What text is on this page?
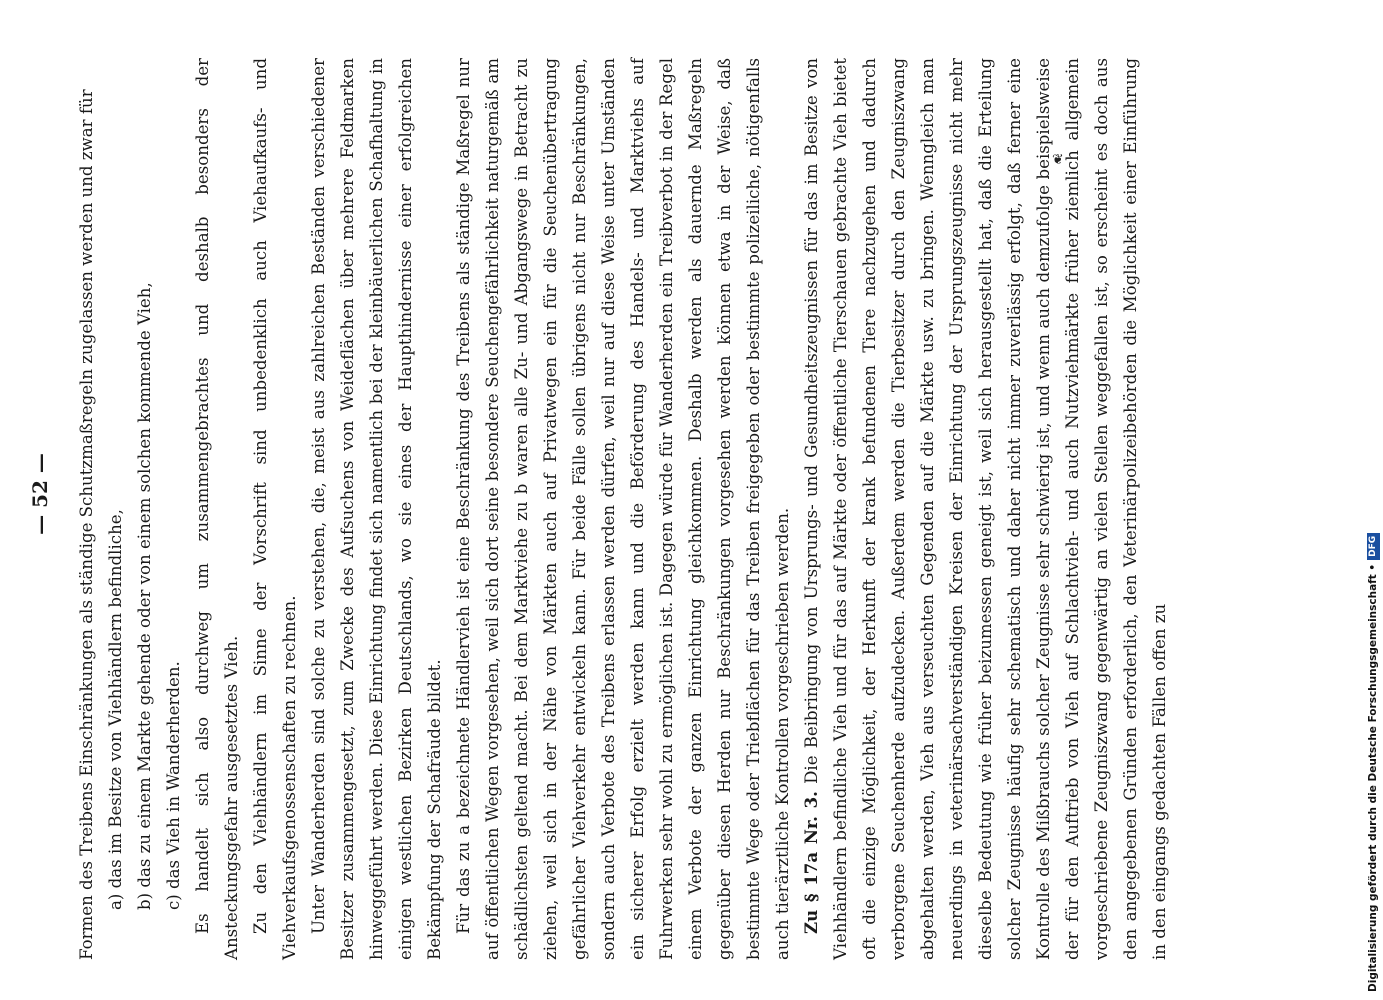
— 52 —	Formen des Treibens Einschränkungen als ständige Schutzmaßregeln zugelassen werden und zwar für a) das im Besitze von Viehhändlern befindliche, b) das zu einem Markte gehende oder von einem solchen kommende Vieh, c) das Vieh in Wanderherden. Es handelt sich also durchweg um zusammengebrachtes und deshalb besonders der Ansteckungsgefahr ausgesetztes Vieh. Zu den Viehhändlern im Sinne der Vorschrift sind unbedenklich auch Viehaufkaufs- und Viehverkaufsgenossenschaften zu rechnen. Unter Wanderherden sind solche zu verstehen, die, meist aus zahlreichen Beständen verschiedener Besitzer zusammengesetzt, zum Zwecke des Aufsuchens von Weideflächen über mehrere Feldmarken hinweggeführt werden. Diese Einrichtung findet sich namentlich bei der kleinbäuerlichen Schafhaltung in einigen westlichen Bezirken Deutschlands, wo sie eines der Haupthindernisse einer erfolgreichen Bekämpfung der Schafräude bildet. Für das zu a bezeichnete Händlervieh ist eine Beschränkung des Treibens als ständige Maßregel nur auf öffentlichen Wegen vorgesehen, weil sich dort seine besondere Seuchengefährlichkeit naturgemäß am schädlichsten geltend macht. Bei dem Marktviehe zu b waren alle Zu- und Abgangswege in Betracht zu ziehen, weil sich in der Nähe von Märkten auch auf Privatwegen ein für die Seuchenübertragung gefährlicher Viehverkehr entwickeln kann. Für beide Fälle sollen übrigens nicht nur Beschränkungen, sondern auch Verbote des Treibens erlassen werden dürfen, weil nur auf diese Weise unter Umständen ein sicherer Erfolg erzielt werden kann und die Beförderung des Handels- und Marktviehs auf Fuhrwerken sehr wohl zu ermöglichen ist. Dagegen würde für Wanderherden ein Treibverbot in der Regel einem Verbote der ganzen Einrichtung gleichkommen. Deshalb werden als dauernde Maßregeln gegenüber diesen Herden nur Beschränkungen vorgesehen werden können etwa in der Weise, daß bestimmte Wege oder Triebflächen für das Treiben freigegeben oder bestimmte polizeiliche, nötigenfalls auch tierärztliche Kontrollen vorgeschrieben werden. Zu § 17a Nr. 3. Die Beibringung von Ursprungs- und Gesundheitszeugnissen für das im Besitze von Viehhändlern befindliche Vieh und für das auf Märkte oder öffentliche Tierschauen gebrachte Vieh bietet oft die einzige Möglichkeit, der Herkunft der krank befundenen Tiere nachzugehen und dadurch verborgene Seuchenherde aufzudecken. Außerdem werden die Tierbesitzer durch den Zeugniszwang abgehalten werden, Vieh aus verseuchten Gegenden auf die Märkte usw. zu bringen. Wenngleich man neuerdings in veterinärsachverständigen Kreisen der Einrichtung der Ursprungszeugnisse nicht mehr dieselbe Bedeutung wie früher beizumessen geneigt ist, weil sich herausgestellt hat, daß die Erteilung solcher Zeugnisse häufig sehr schematisch und daher nicht immer zuverlässig erfolgt, daß ferner eine Kontrolle des Mißbrauchs solcher Zeugnisse sehr schwierig ist, und wenn auch demzufolge beispielsweise der für den Auftrieb von Vieh auf Schlachtvieh- und auch Nutzviehmärkte früher ziemlich allgemein vorgeschriebene Zeugniszwang gegenwärtig an vielen Stellen weggefallen ist, so erscheint es doch aus den angegebenen Gründen erforderlich, den Veterinärpolizeibehörden die Möglichkeit einer Einführung in den eingangs gedachten Fällen offen zu

❦
Digitalisierung gefördert durch die Deutsche Forschungsgemeinschaft •
DFG
